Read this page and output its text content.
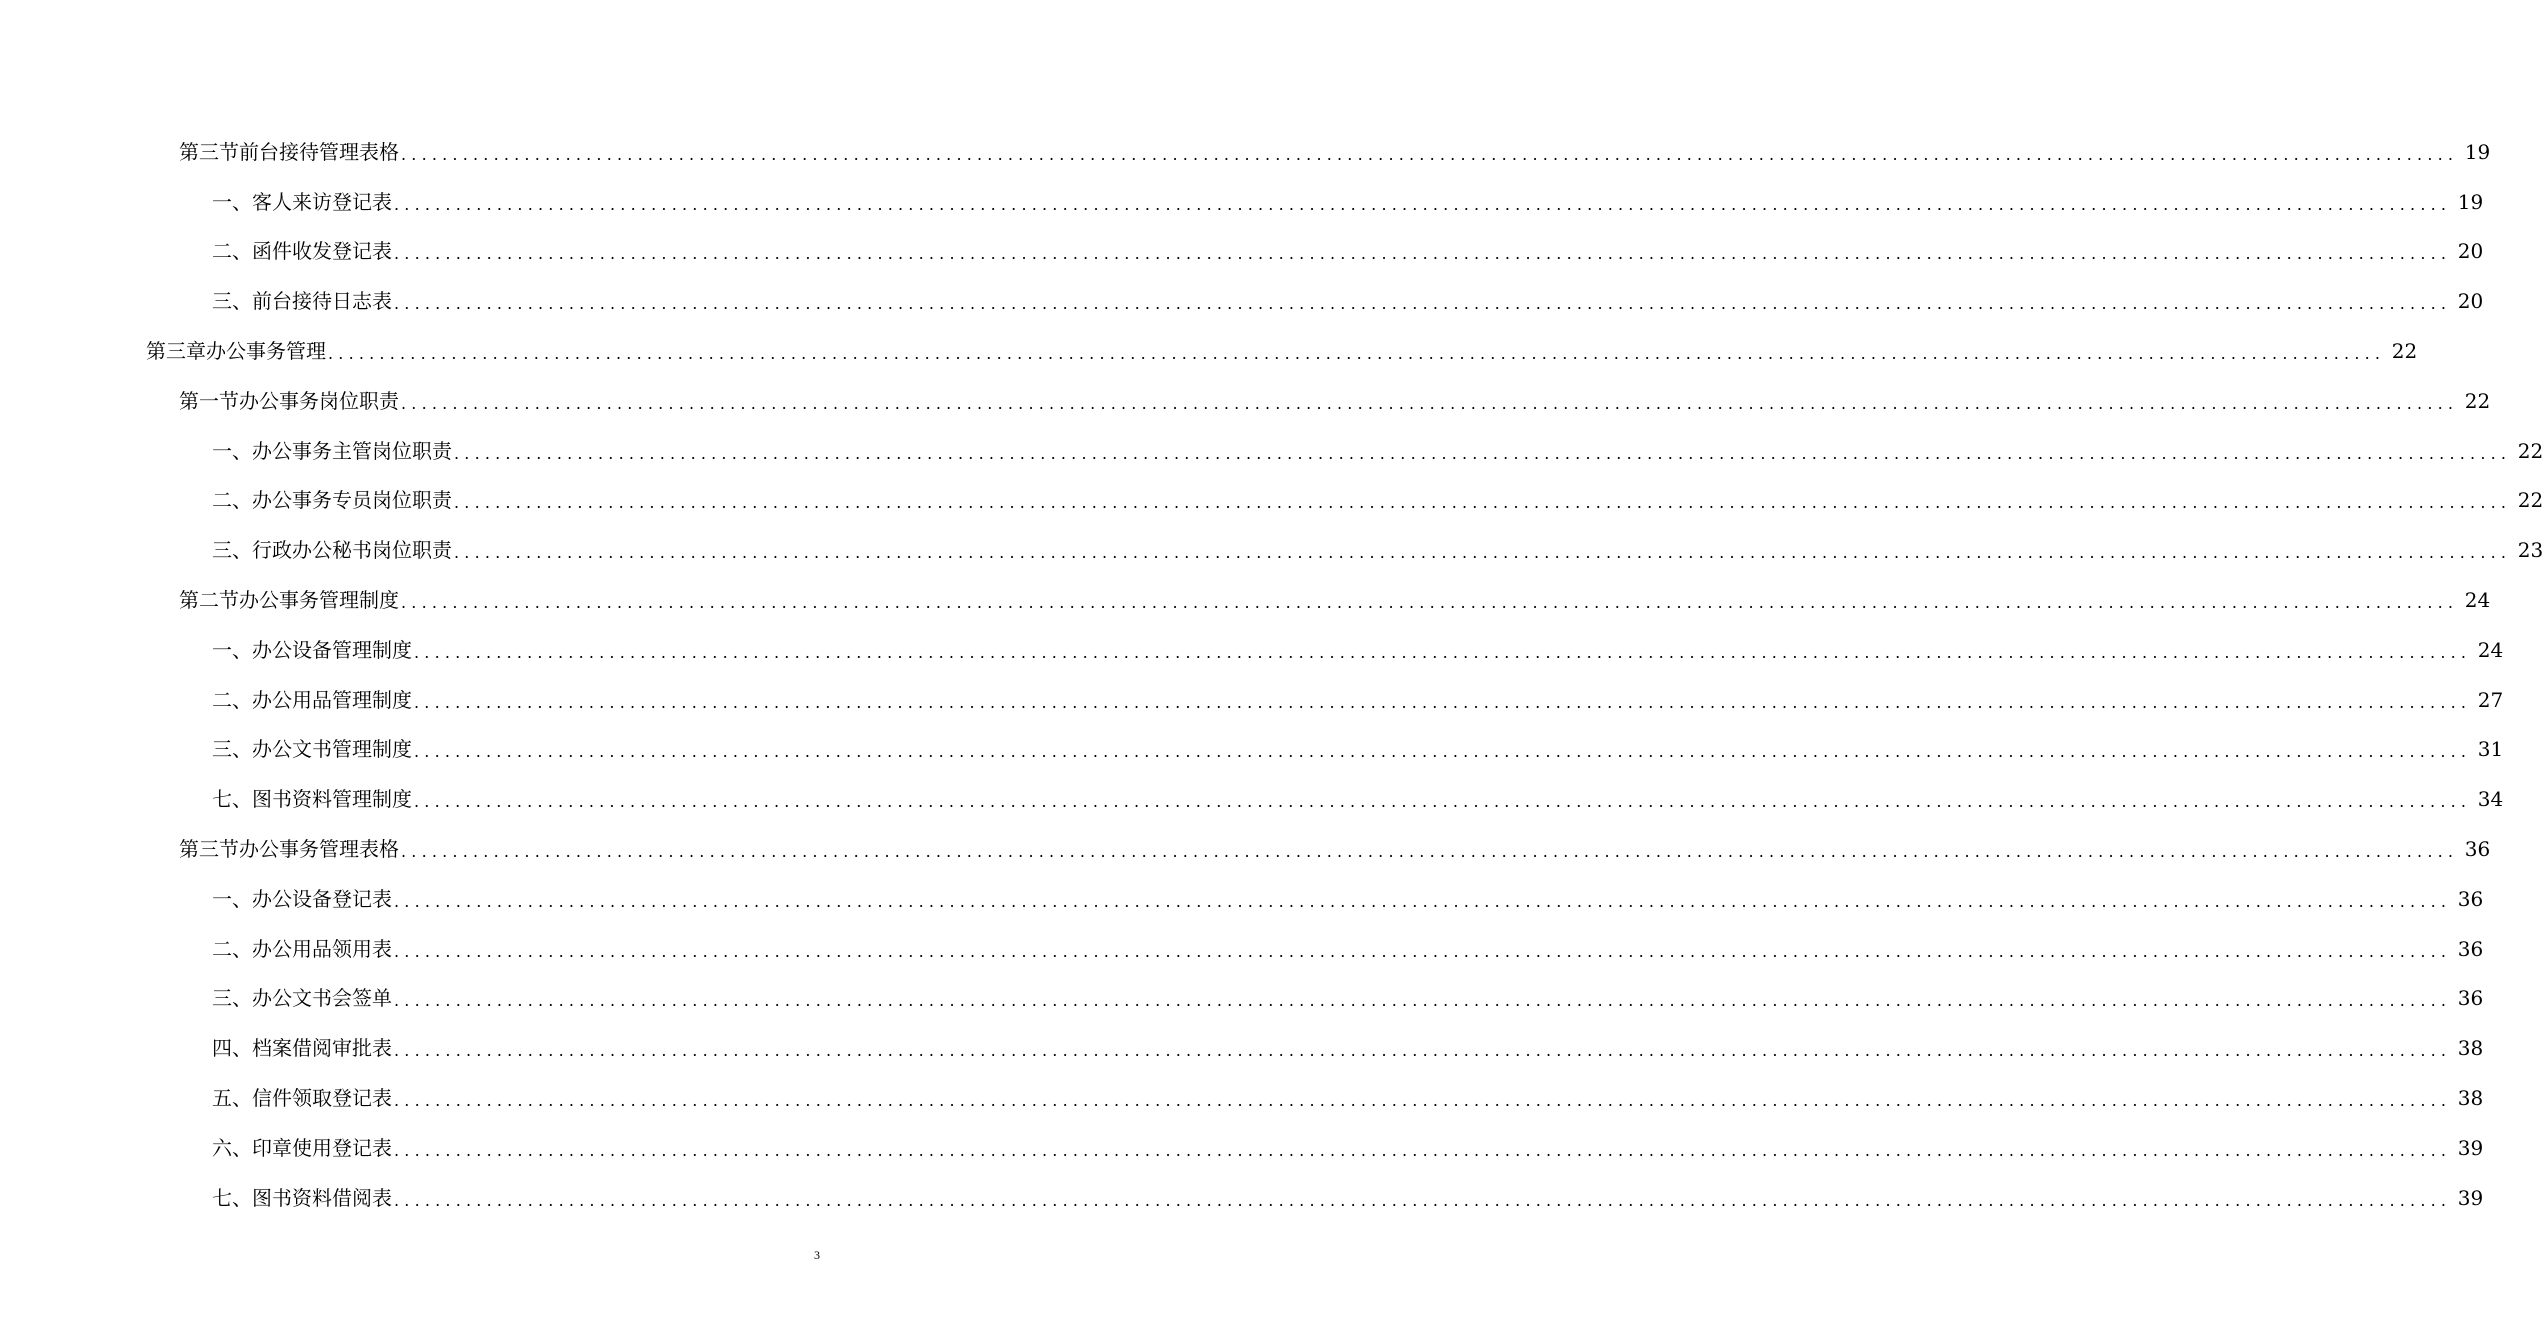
第三节 前台接待管理表格 ........................................................................................................................................................................................................ 19
一、客人来访登记表 ........................................................................................................................................................................................................ 19
二、函件收发登记表 ........................................................................................................................................................................................................ 20
三、前台接待日志表 ........................................................................................................................................................................................................ 20
第三章 办公事务管理 ........................................................................................................................................................................................................ 22
第一节 办公事务岗位职责 ........................................................................................................................................................................................................ 22
一、办公事务主管岗位职责 ........................................................................................................................................................................................................ 22
二、办公事务专员岗位职责 ........................................................................................................................................................................................................ 22
三、行政办公秘书岗位职责 ........................................................................................................................................................................................................ 23
第二节 办公事务管理制度 ........................................................................................................................................................................................................ 24
一、办公设备管理制度 ........................................................................................................................................................................................................ 24
二、办公用品管理制度 ........................................................................................................................................................................................................ 27
三、办公文书管理制度 ........................................................................................................................................................................................................ 31
七、图书资料管理制度 ........................................................................................................................................................................................................ 34
第三节 办公事务管理表格 ........................................................................................................................................................................................................ 36
一、办公设备登记表 ........................................................................................................................................................................................................ 36
二、办公用品领用表 ........................................................................................................................................................................................................ 36
三、办公文书会签单 ........................................................................................................................................................................................................ 36
四、档案借阅审批表 ........................................................................................................................................................................................................ 38
五、信件领取登记表 ........................................................................................................................................................................................................ 38
六、印章使用登记表 ........................................................................................................................................................................................................ 39
七、图书资料借阅表 ........................................................................................................................................................................................................ 39
3
